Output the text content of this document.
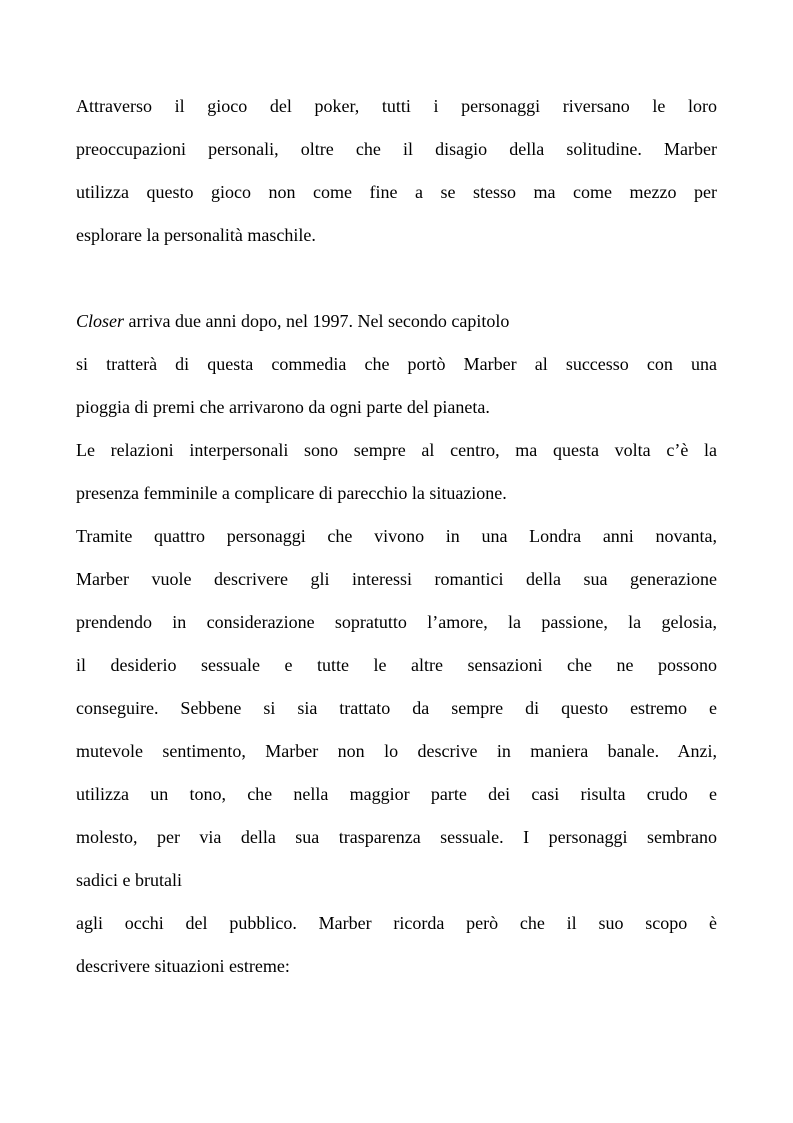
Attraverso il gioco del poker, tutti i personaggi riversano le loro
preoccupazioni personali, oltre che il disagio della solitudine. Marber
utilizza questo gioco non come fine a se stesso ma come mezzo per
esplorare la personalità maschile.
Closer arriva due anni dopo, nel 1997. Nel secondo capitolo
si tratterà di questa commedia che portò Marber al successo con una
pioggia di premi che arrivarono da ogni parte del pianeta.
Le relazioni interpersonali sono sempre al centro, ma questa volta c’è la
presenza femminile a complicare di parecchio la situazione.
Tramite quattro personaggi che vivono in una Londra anni novanta,
Marber vuole descrivere gli interessi romantici della sua generazione
prendendo in considerazione sopratutto l’amore, la passione, la gelosia,
il desiderio sessuale e tutte le altre sensazioni che ne possono
conseguire. Sebbene si sia trattato da sempre di questo estremo e
mutevole sentimento, Marber non lo descrive in maniera banale. Anzi,
utilizza un tono, che nella maggior parte dei casi risulta crudo e
molesto, per via della sua trasparenza sessuale. I personaggi sembrano
sadici e brutali
agli occhi del pubblico. Marber ricorda però che il suo scopo è
descrivere situazioni estreme:
